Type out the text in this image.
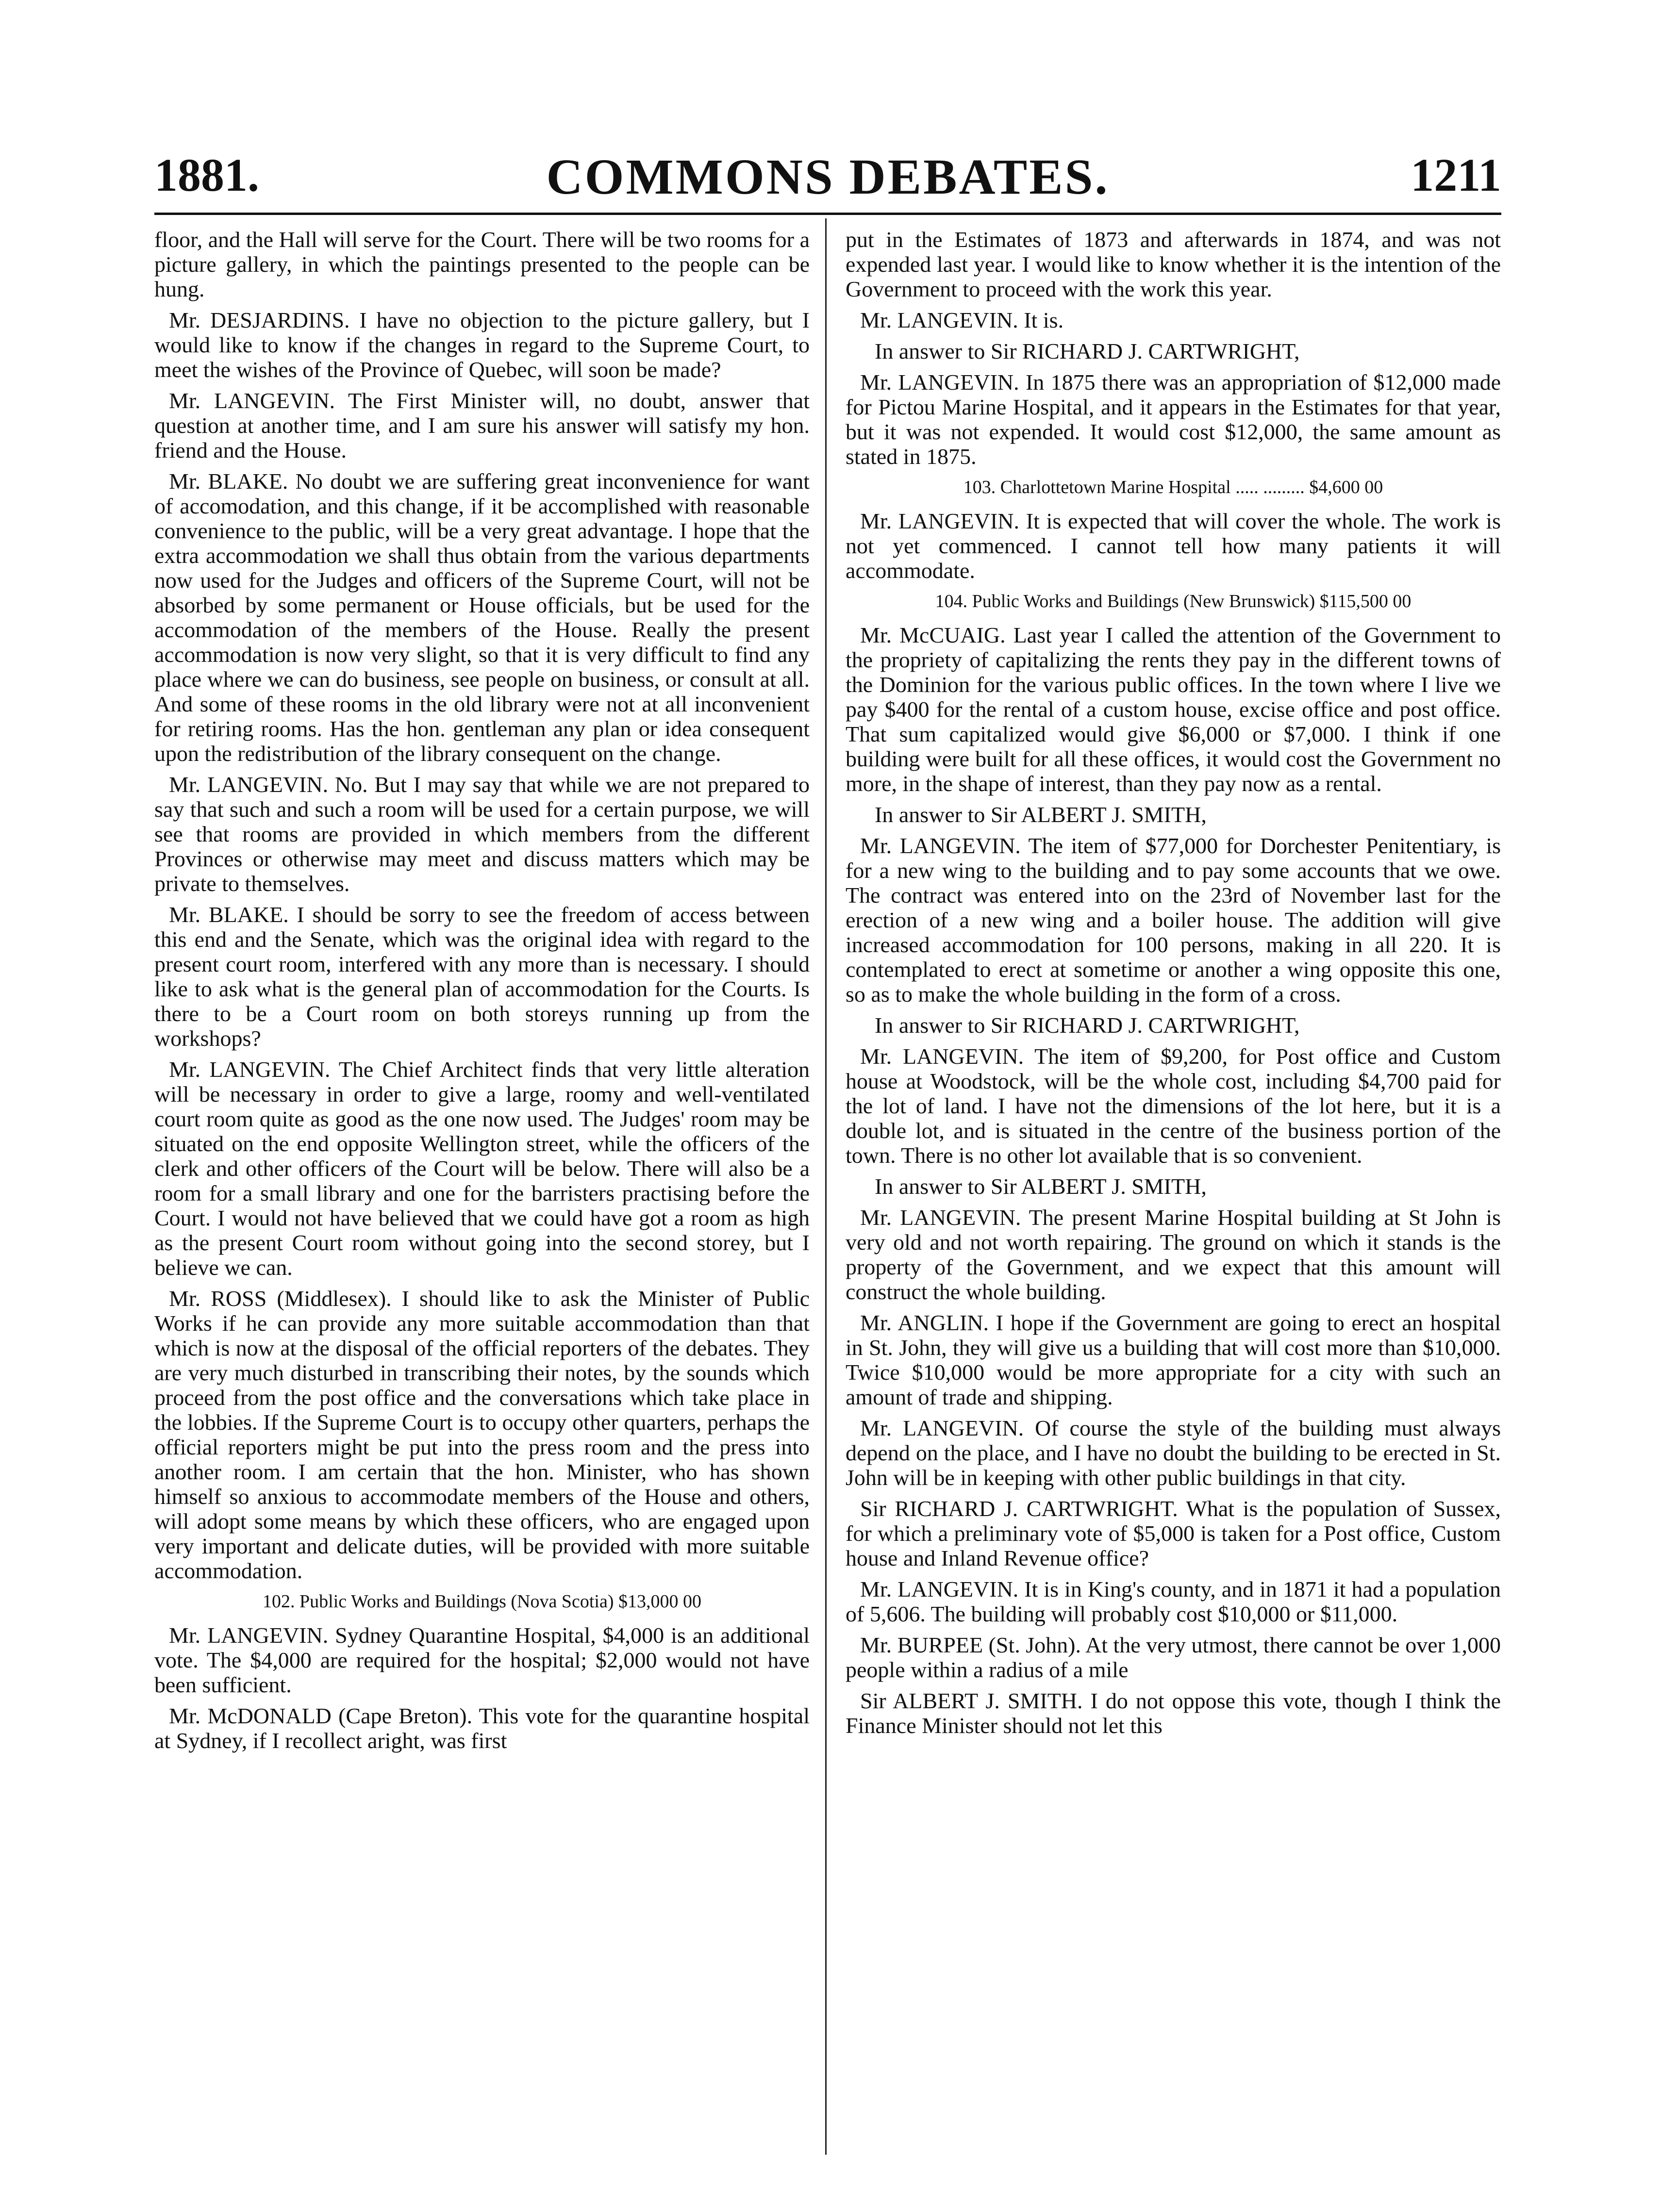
1881.	COMMONS DEBATES.	1211

floor, and the Hall will serve for the Court. There will be two rooms for a picture gallery, in which the paintings presented to the people can be hung.

Mr. DESJARDINS. I have no objection to the picture gallery, but I would like to know if the changes in regard to the Supreme Court, to meet the wishes of the Province of Quebec, will soon be made?

Mr. LANGEVIN. The First Minister will, no doubt, answer that question at another time, and I am sure his answer will satisfy my hon. friend and the House.

Mr. BLAKE. No doubt we are suffering great inconvenience for want of accomodation, and this change, if it be accomplished with reasonable convenience to the public, will be a very great advantage. I hope that the extra accommodation we shall thus obtain from the various departments now used for the Judges and officers of the Supreme Court, will not be absorbed by some permanent or House officials, but be used for the accommodation of the members of the House. Really the present accommodation is now very slight, so that it is very difficult to find any place where we can do business, see people on business, or consult at all. And some of these rooms in the old library were not at all inconvenient for retiring rooms. Has the hon. gentleman any plan or idea consequent upon the redistribution of the library consequent on the change.

Mr. LANGEVIN. No. But I may say that while we are not prepared to say that such and such a room will be used for a certain purpose, we will see that rooms are provided in which members from the different Provinces or otherwise may meet and discuss matters which may be private to themselves.

Mr. BLAKE. I should be sorry to see the freedom of access between this end and the Senate, which was the original idea with regard to the present court room, interfered with any more than is necessary. I should like to ask what is the general plan of accommodation for the Courts. Is there to be a Court room on both storeys running up from the workshops?

Mr. LANGEVIN. The Chief Architect finds that very little alteration will be necessary in order to give a large, roomy and well-ventilated court room quite as good as the one now used. The Judges' room may be situated on the end opposite Wellington street, while the officers of the clerk and other officers of the Court will be below. There will also be a room for a small library and one for the barristers practising before the Court. I would not have believed that we could have got a room as high as the present Court room without going into the second storey, but I believe we can.

Mr. ROSS (Middlesex). I should like to ask the Minister of Public Works if he can provide any more suitable accommodation than that which is now at the disposal of the official reporters of the debates. They are very much disturbed in transcribing their notes, by the sounds which proceed from the post office and the conversations which take place in the lobbies. If the Supreme Court is to occupy other quarters, perhaps the official reporters might be put into the press room and the press into another room. I am certain that the hon. Minister, who has shown himself so anxious to accommodate members of the House and others, will adopt some means by which these officers, who are engaged upon very important and delicate duties, will be provided with more suitable accommodation.

102. Public Works and Buildings (Nova Scotia) $13,000 00

Mr. LANGEVIN. Sydney Quarantine Hospital, $4,000 is an additional vote. The $4,000 are required for the hospital; $2,000 would not have been sufficient.

Mr. McDONALD (Cape Breton). This vote for the quarantine hospital at Sydney, if I recollect aright, was first

put in the Estimates of 1873 and afterwards in 1874, and was not expended last year. I would like to know whether it is the intention of the Government to proceed with the work this year.

Mr. LANGEVIN. It is.

In answer to Sir RICHARD J. CARTWRIGHT,

Mr. LANGEVIN. In 1875 there was an appropriation of $12,000 made for Pictou Marine Hospital, and it appears in the Estimates for that year, but it was not expended. It would cost $12,000, the same amount as stated in 1875.

103. Charlottetown Marine Hospital ..... ......... $4,600 00

Mr. LANGEVIN. It is expected that will cover the whole. The work is not yet commenced. I cannot tell how many patients it will accommodate.

104. Public Works and Buildings (New Brunswick) $115,500 00

Mr. McCUAIG. Last year I called the attention of the Government to the propriety of capitalizing the rents they pay in the different towns of the Dominion for the various public offices. In the town where I live we pay $400 for the rental of a custom house, excise office and post office. That sum capitalized would give $6,000 or $7,000. I think if one building were built for all these offices, it would cost the Government no more, in the shape of interest, than they pay now as a rental.

In answer to Sir ALBERT J. SMITH,

Mr. LANGEVIN. The item of $77,000 for Dorchester Penitentiary, is for a new wing to the building and to pay some accounts that we owe. The contract was entered into on the 23rd of November last for the erection of a new wing and a boiler house. The addition will give increased accommodation for 100 persons, making in all 220. It is contemplated to erect at sometime or another a wing opposite this one, so as to make the whole building in the form of a cross.

In answer to Sir RICHARD J. CARTWRIGHT,

Mr. LANGEVIN. The item of $9,200, for Post office and Custom house at Woodstock, will be the whole cost, including $4,700 paid for the lot of land. I have not the dimensions of the lot here, but it is a double lot, and is situated in the centre of the business portion of the town. There is no other lot available that is so convenient.

In answer to Sir ALBERT J. SMITH,

Mr. LANGEVIN. The present Marine Hospital building at St John is very old and not worth repairing. The ground on which it stands is the property of the Government, and we expect that this amount will construct the whole building.

Mr. ANGLIN. I hope if the Government are going to erect an hospital in St. John, they will give us a building that will cost more than $10,000. Twice $10,000 would be more appropriate for a city with such an amount of trade and shipping.

Mr. LANGEVIN. Of course the style of the building must always depend on the place, and I have no doubt the building to be erected in St. John will be in keeping with other public buildings in that city.

Sir RICHARD J. CARTWRIGHT. What is the population of Sussex, for which a preliminary vote of $5,000 is taken for a Post office, Custom house and Inland Revenue office?

Mr. LANGEVIN. It is in King's county, and in 1871 it had a population of 5,606. The building will probably cost $10,000 or $11,000.

Mr. BURPEE (St. John). At the very utmost, there cannot be over 1,000 people within a radius of a mile

Sir ALBERT J. SMITH. I do not oppose this vote, though I think the Finance Minister should not let this
